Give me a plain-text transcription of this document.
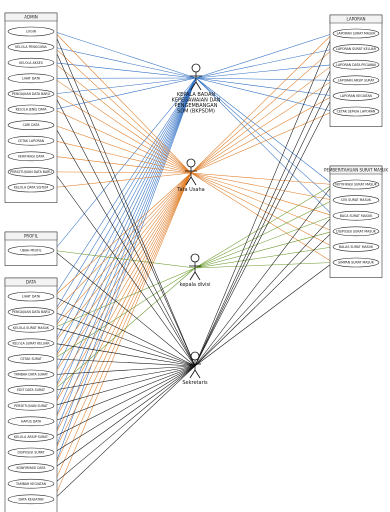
ADMIN
LOGIN
KELOLA PENGGUNA
KELOLA AKSES
LIHAT DATA
PENGAJUAN DATA BARU
KELOLA JENIS DATA
CARI DATA
CETAK LAPORAN
VERIFIKASI DATA
PERSETUJUAN DATA BARU
KELOLA DATA SISTEM
PROFIL
UBAH PROFIL
DATA
LIHAT DATA
PENGAJUAN DATA BARU
KELOLA SURAT MASUK
KELOLA SURAT KELUAR
CETAK SURAT
TAMBAH DATA SURAT
EDIT DATA SURAT
PERSETUJUAN SURAT
HAPUS DATA
KELOLA ARSIP SURAT
DISPOSISI SURAT
KONFIRMASI DATA
TAMBAH KEGIATAN
DATA KEGIATAN
LAPORAN
LAPORAN SURAT MASUK
LAPORAN SURAT KELUAR
LAPORAN DATA PEGAWAI
LAPORAN ARSIP SURAT
LAPORAN KEGIATAN
CETAK SEMUA LAPORAN
PEMBERITAHUAN SURAT MASUK
NOTIFIKASI SURAT MASUK
CEK SURAT MASUK
BACA SURAT MASUK
DISPOSISI SURAT MASUK
BALAS SURAT MASUK
SIMPAN SURAT MASUK
KEPALA BADAN
KEPEGAWAIAN DAN
PENGEMBANGAN
SDM (BKPSDM)
Tata Usaha
kepala divisi
Sekretaris
